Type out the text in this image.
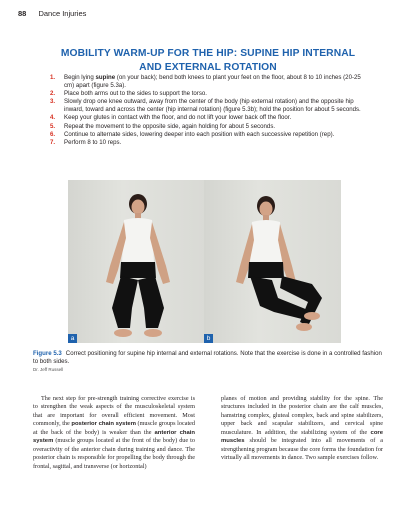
88 Dance Injuries
MOBILITY WARM-UP FOR THE HIP: SUPINE HIP INTERNAL
AND EXTERNAL ROTATION
1. Begin lying supine (on your back); bend both knees to plant your feet on the floor, about 8 to 10 inches (20-25 cm) apart (figure 5.3a).
2. Place both arms out to the sides to support the torso.
3. Slowly drop one knee outward, away from the center of the body (hip external rotation) and the opposite hip inward, toward and across the center (hip internal rotation) (figure 5.3b); hold the position for about 5 seconds.
4. Keep your glutes in contact with the floor, and do not lift your lower back off the floor.
5. Repeat the movement to the opposite side, again holding for about 5 seconds.
6. Continue to alternate sides, lowering deeper into each position with each successive repetition (rep).
7. Perform 8 to 10 reps.
a	b
Figure 5.3 Correct positioning for supine hip internal and external rotations. Note that the exercise is done in a controlled fashion to both sides.
Dr. Jeff Russell

The next step for pre-strength training corrective exercise is to strengthen the weak aspects of the musculoskeletal system that are important for overall efficient movement. Most commonly, the posterior chain system (muscle groups located at the back of the body) is weaker than the anterior chain system (muscle groups located at the front of the body) due to overactivity of the anterior chain during training and dance. The posterior chain is responsible for propelling the body through the frontal, sagittal, and transverse (or horizontal)

planes of motion and providing stability for the spine. The structures included in the posterior chain are the calf muscles, hamstring complex, gluteal complex, back and spine stabilizers, upper back and scapular stabilizers, and cervical spine musculature. In addition, the stabilizing system of the core muscles should be integrated into all movements of a strengthening program because the core forms the foundation for virtually all movements in dance. Two sample exercises follow.
